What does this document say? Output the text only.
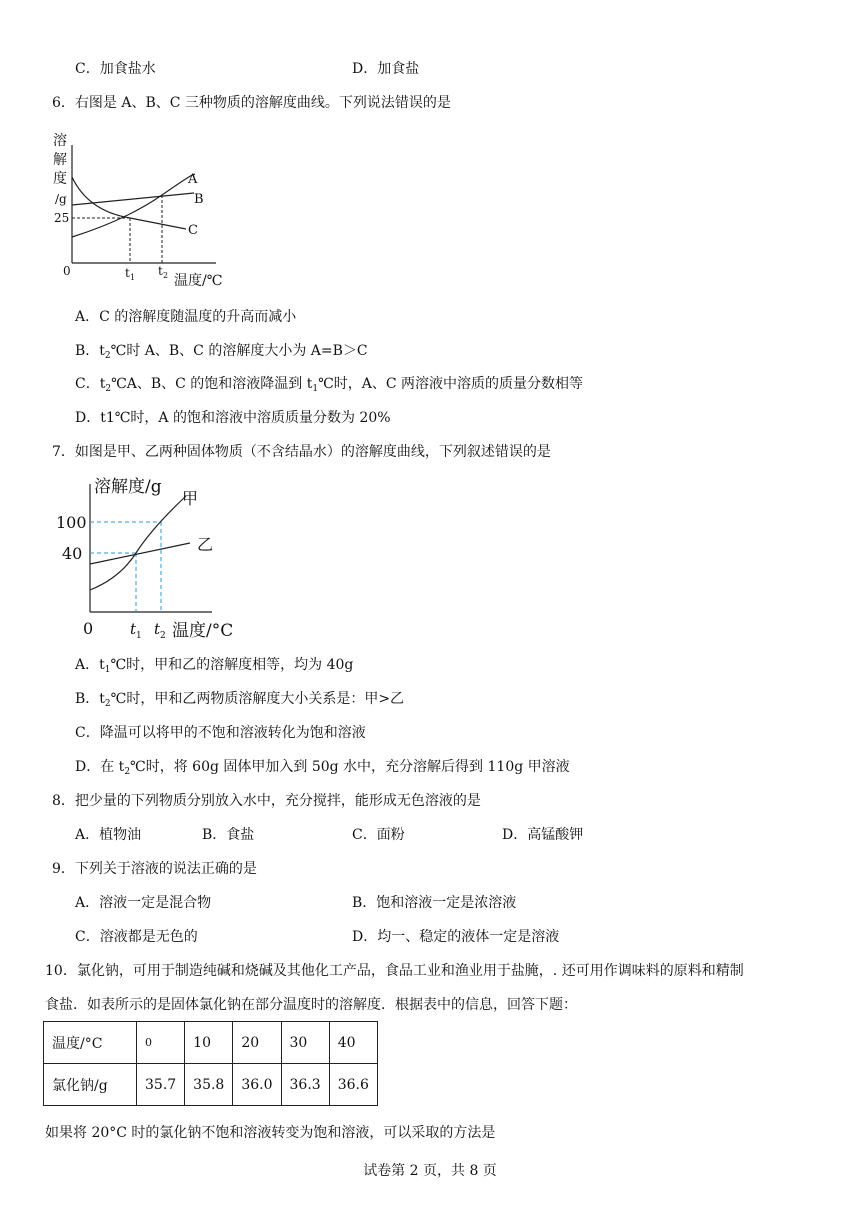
C．加食盐水	D．加食盐
6．右图是 A、B、C 三种物质的溶解度曲线。下列说法错误的是
溶
解
度
/g
25
A
B
C
0	t 1 t 2 温度/℃
A．C 的溶解度随温度的升高而减小
B．$t_2℃$时 A、B、C 的溶解度大小为 A=B＞C
C．$t_2℃A$、B、C 的饱和溶液降温到 $t_1℃$时，A、C 两溶液中溶质的质量分数相等
D．t1℃时，A 的饱和溶液中溶质质量分数为 20%
7．如图是甲、乙两种固体物质（不含结晶水）的溶解度曲线，下列叙述错误的是
溶解度/g
100
40
甲
乙
0 t 1 t 2 温度/°C
A．$t_1℃$时，甲和乙的溶解度相等，均为 40g
B．$t_2℃$时，甲和乙两物质溶解度大小关系是：甲>乙
C．降温可以将甲的不饱和溶液转化为饱和溶液
D．在 $t_2℃$时，将 60g 固体甲加入到 50g 水中，充分溶解后得到 110g 甲溶液
8．把少量的下列物质分别放入水中，充分搅拌，能形成无色溶液的是
A．植物油	B．食盐	C．面粉	D．高锰酸钾
9．下列关于溶液的说法正确的是
A．溶液一定是混合物	B．饱和溶液一定是浓溶液
C．溶液都是无色的	D．均一、稳定的液体一定是溶液
10．氯化钠，可用于制造纯碱和烧碱及其他化工产品，食品工业和渔业用于盐腌，. 还可用作调味料的原料和精制
食盐．如表所示的是固体氯化钠在部分温度时的溶解度．根据表中的信息，回答下题：
温度/°C	0	10	20	30	40
氯化钠/g	35.7	35.8	36.0	36.3	36.6
如果将 20°C 时的氯化钠不饱和溶液转变为饱和溶液，可以采取的方法是
试卷第 2 页，共 8 页
